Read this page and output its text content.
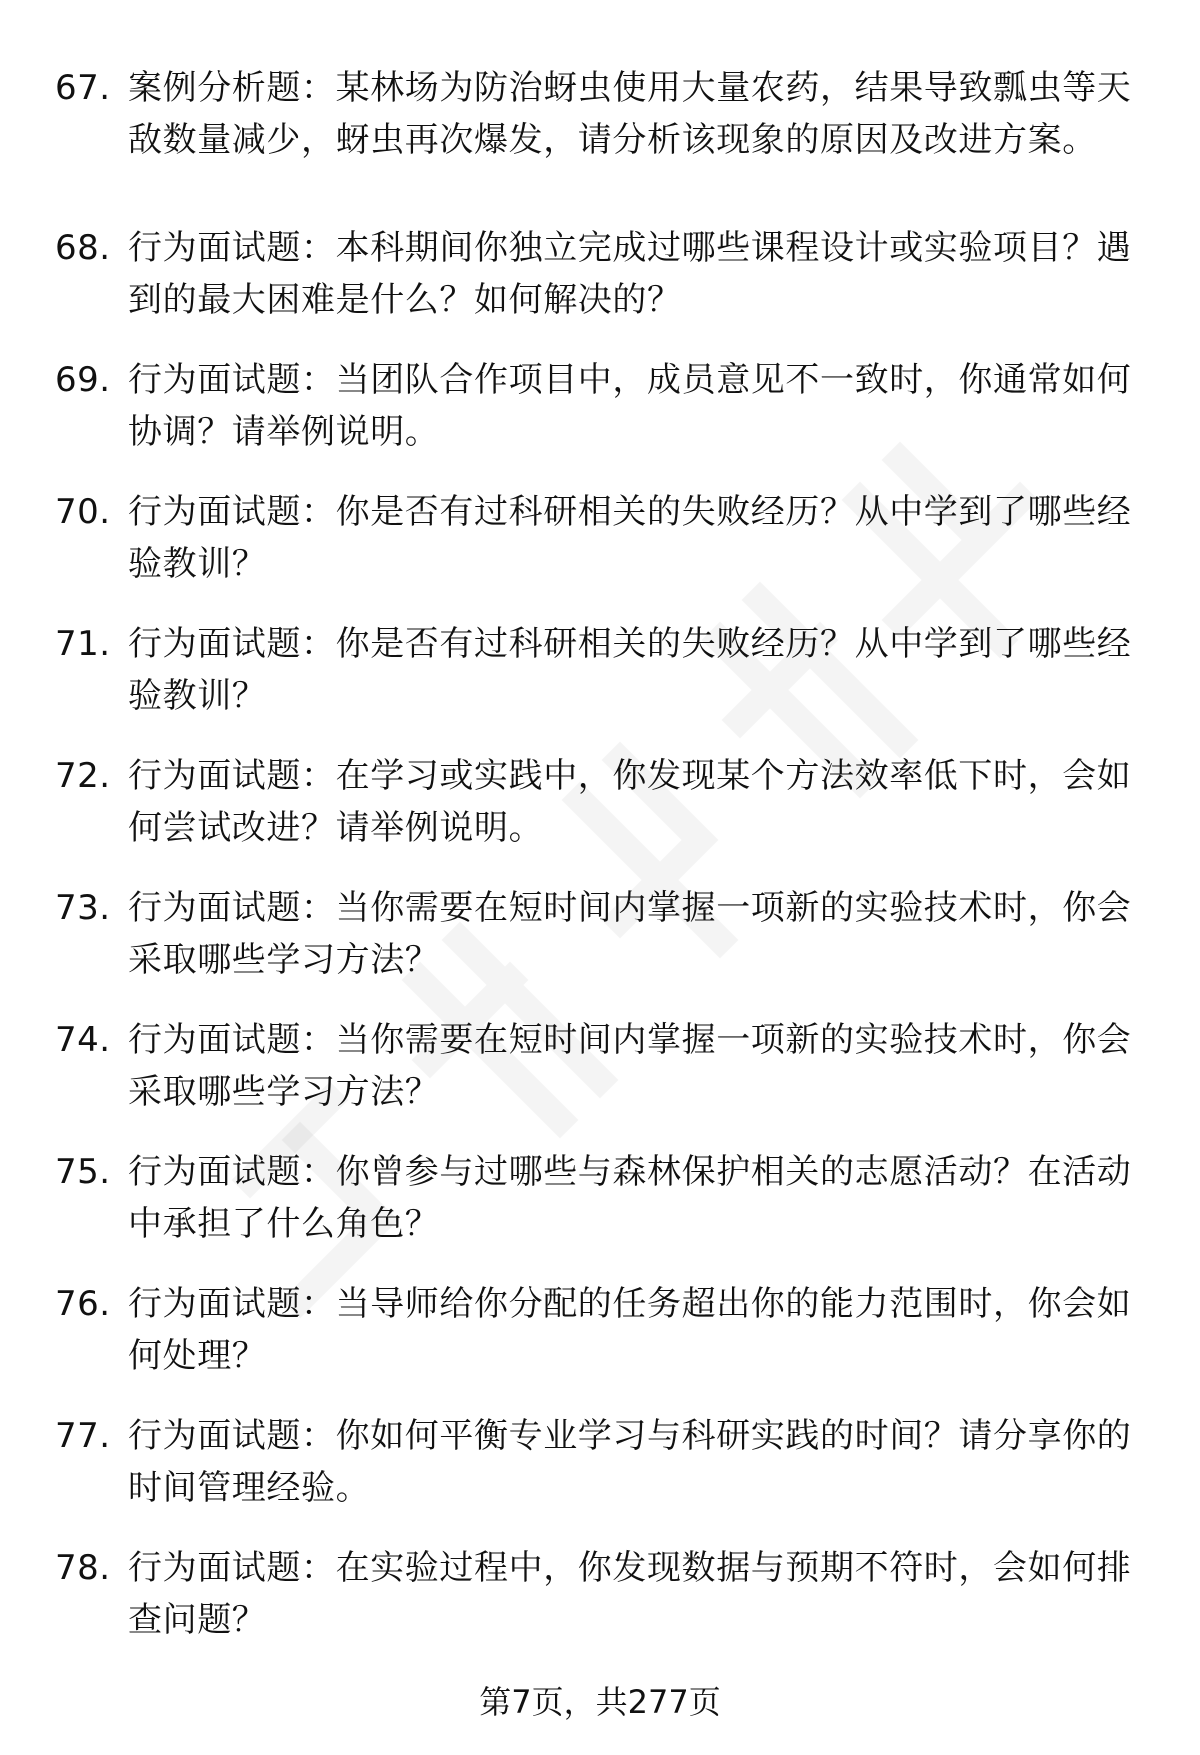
67. 案例分析题：某林场为防治蚜虫使用大量农药，结果导致瓢虫等天敌数量减少，蚜虫再次爆发，请分析该现象的原因及改进方案。
68. 行为面试题：本科期间你独立完成过哪些课程设计或实验项目？遇到的最大困难是什么？如何解决的？
69. 行为面试题：当团队合作项目中，成员意见不一致时，你通常如何协调？请举例说明。
70. 行为面试题：你是否有过科研相关的失败经历？从中学到了哪些经验教训？
71. 行为面试题：你是否有过科研相关的失败经历？从中学到了哪些经验教训？
72. 行为面试题：在学习或实践中，你发现某个方法效率低下时，会如何尝试改进？请举例说明。
73. 行为面试题：当你需要在短时间内掌握一项新的实验技术时，你会采取哪些学习方法？
74. 行为面试题：当你需要在短时间内掌握一项新的实验技术时，你会采取哪些学习方法？
75. 行为面试题：你曾参与过哪些与森林保护相关的志愿活动？在活动中承担了什么角色？
76. 行为面试题：当导师给你分配的任务超出你的能力范围时，你会如何处理？
77. 行为面试题：你如何平衡专业学习与科研实践的时间？请分享你的时间管理经验。
78. 行为面试题：在实验过程中，你发现数据与预期不符时，会如何排查问题？
第7页，共277页
